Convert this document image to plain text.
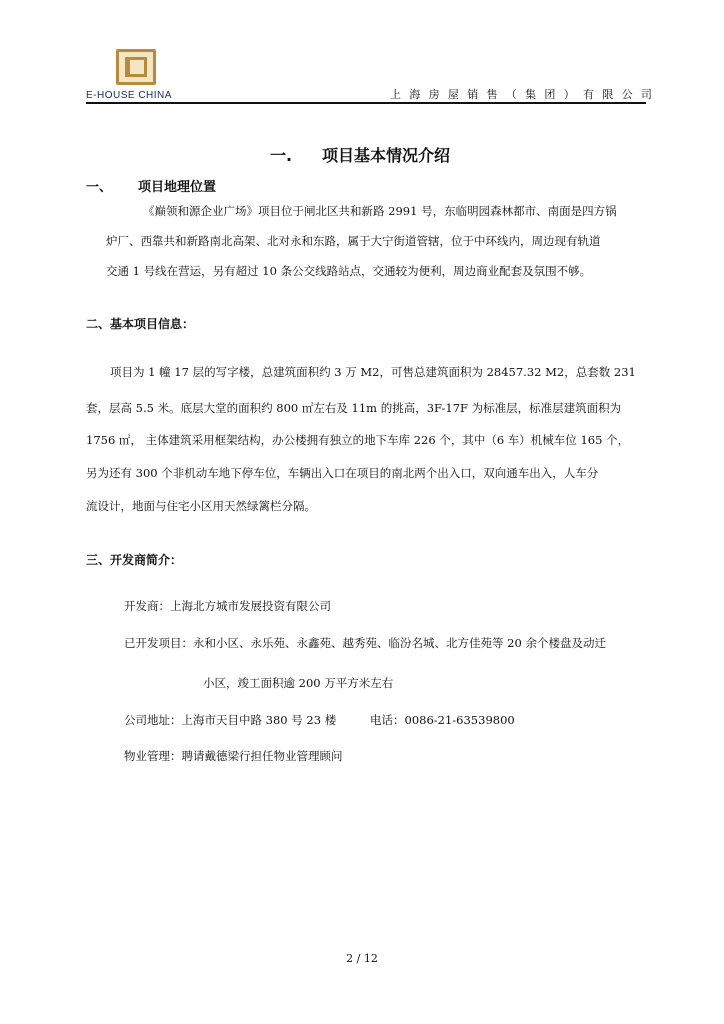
E-HOUSE CHINA	上海房屋销售（集团）有限公司
一. 项目基本情况介绍
一、 项目地理位置
《巅领和源企业广场》项目位于闸北区共和新路 2991 号，东临明园森林都市、南面是四方锅
炉厂、西靠共和新路南北高架、北对永和东路，属于大宁街道管辖，位于中环线内，周边现有轨道
交通 1 号线在营运，另有超过 10 条公交线路站点，交通较为便利，周边商业配套及氛围不够。
二、基本项目信息：
项目为 1 幢 17 层的写字楼，总建筑面积约 3 万 M2，可售总建筑面积为 28457.32 M2，总套数 231
套，层高 5.5 米。底层大堂的面积约 800 ㎡左右及 11m 的挑高，3F-17F 为标准层，标准层建筑面积为
1756 ㎡， 主体建筑采用框架结构，办公楼拥有独立的地下车库 226 个，其中（6 车）机械车位 165 个，
另为还有 300 个非机动车地下停车位，车辆出入口在项目的南北两个出入口，双向通车出入，人车分
流设计，地面与住宅小区用天然绿篱栏分隔。
三、开发商简介：
开发商：上海北方城市发展投资有限公司
已开发项目：永和小区、永乐苑、永鑫苑、越秀苑、临汾名城、北方佳苑等 20 余个楼盘及动迁
小区，竣工面积逾 200 万平方米左右
公司地址：上海市天目中路 380 号 23 楼	电话：0086-21-63539800
物业管理：聘请戴德梁行担任物业管理顾问
2 / 12
